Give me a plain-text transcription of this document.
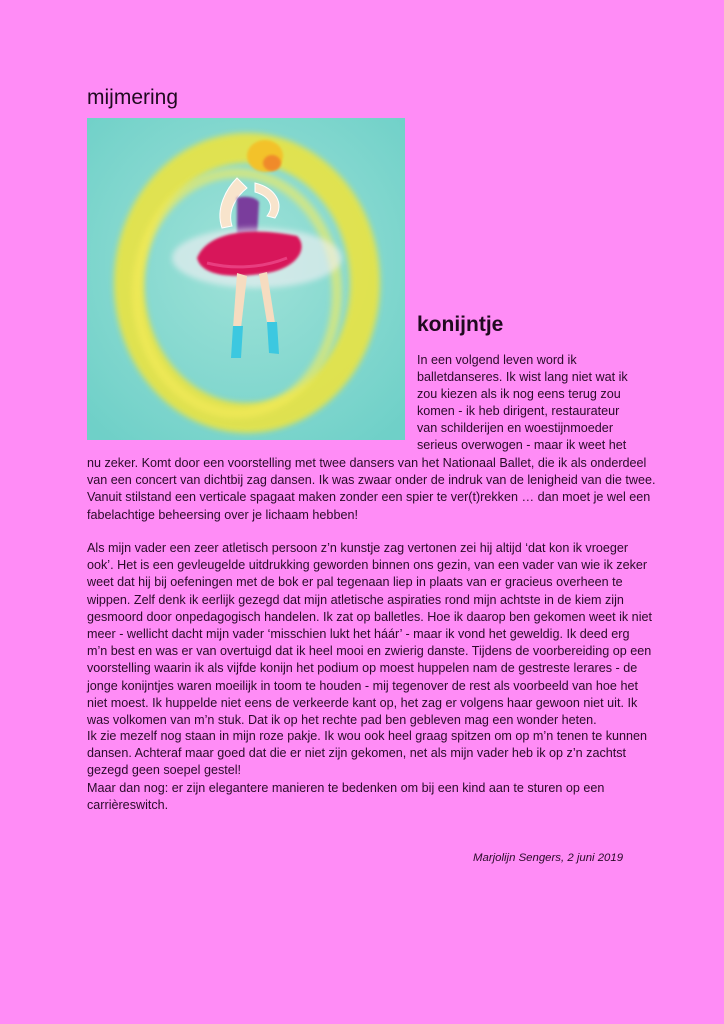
mijmering
konijntje
In een volgend leven word ik
balletdanseres. Ik wist lang niet wat ik
zou kiezen als ik nog eens terug zou
komen - ik heb dirigent, restaurateur
van schilderijen en woestijnmoeder
serieus overwogen - maar ik weet het
nu zeker. Komt door een voorstelling met twee dansers van het Nationaal Ballet, die ik als onderdeel
van een concert van dichtbij zag dansen. Ik was zwaar onder de indruk van de lenigheid van die twee.
Vanuit stilstand een verticale spagaat maken zonder een spier te ver(t)rekken … dan moet je wel een
fabelachtige beheersing over je lichaam hebben!
Als mijn vader een zeer atletisch persoon z’n kunstje zag vertonen zei hij altijd ‘dat kon ik vroeger
ook’. Het is een gevleugelde uitdrukking geworden binnen ons gezin, van een vader van wie ik zeker
weet dat hij bij oefeningen met de bok er pal tegenaan liep in plaats van er gracieus overheen te
wippen. Zelf denk ik eerlijk gezegd dat mijn atletische aspiraties rond mijn achtste in de kiem zijn
gesmoord door onpedagogisch handelen. Ik zat op balletles. Hoe ik daarop ben gekomen weet ik niet
meer - wellicht dacht mijn vader ‘misschien lukt het háár’ - maar ik vond het geweldig. Ik deed erg
m’n best en was er van overtuigd dat ik heel mooi en zwierig danste. Tijdens de voorbereiding op een
voorstelling waarin ik als vijfde konijn het podium op moest huppelen nam de gestreste lerares - de
jonge konijntjes waren moeilijk in toom te houden - mij tegenover de rest als voorbeeld van hoe het
niet moest. Ik huppelde niet eens de verkeerde kant op, het zag er volgens haar gewoon niet uit. Ik
was volkomen van m’n stuk. Dat ik op het rechte pad ben gebleven mag een wonder heten.
Ik zie mezelf nog staan in mijn roze pakje. Ik wou ook heel graag spitzen om op m’n tenen te kunnen
dansen. Achteraf maar goed dat die er niet zijn gekomen, net als mijn vader heb ik op z’n zachtst
gezegd geen soepel gestel!
Maar dan nog: er zijn elegantere manieren te bedenken om bij een kind aan te sturen op een
carrièreswitch.
Marjolijn Sengers, 2 juni 2019
